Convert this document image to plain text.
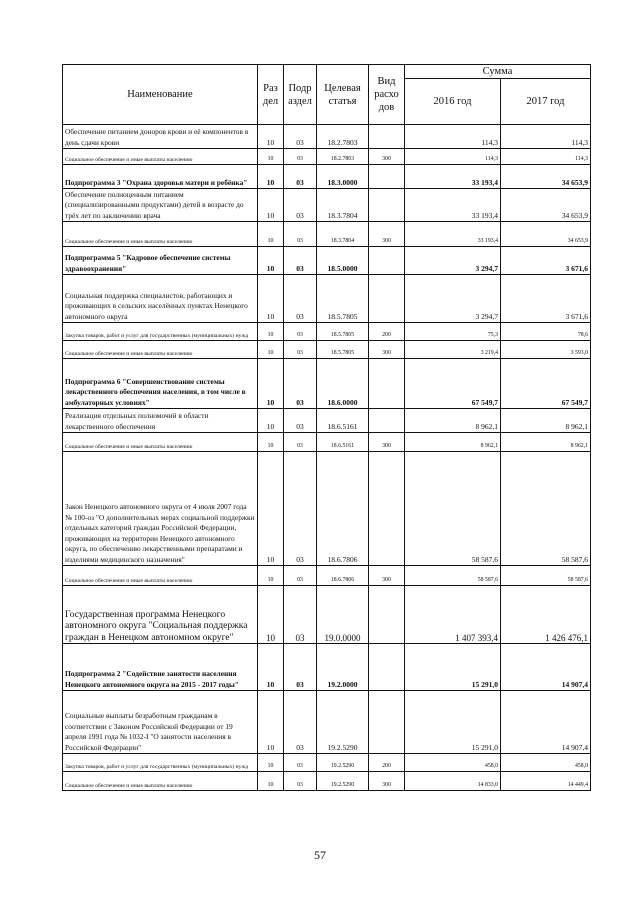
Наименование	Раз дел	Подр аздел	Целевая статья	Вид расхо дов	Сумма	
					2016 год	2017 год
Обеспечение питанием доноров крови и её компонентов в день сдачи крови	10	03	18.2.7803		114,3	114,3
Социальное обеспечение и иные выплаты населению	10	03	18.2.7803	300	114,3	114,3
Подпрограмма 3 "Охрана здоровья матери и ребёнка"	10	03	18.3.0000		33 193,4	34 653,9
Обеспечение полноценным питанием (специализированными продуктами) детей в возрасте до трёх лет по заключению врача	10	03	18.3.7804		33 193,4	34 653,9
Социальное обеспечение и иные выплаты населению	10	03	18.3.7804	300	33 193,4	34 653,9
Подпрограмма 5 "Кадровое обеспечение системы здравоохранения"	10	03	18.5.0000		3 294,7	3 671,6
Социальная поддержка специалистов, работающих и проживающих в сельских населённых пунктах Ненецкого автономного округа	10	03	18.5.7805		3 294,7	3 671,6
Закупка товаров, работ и услуг для государственных (муниципальных) нужд	10	03	18.5.7805	200	75,3	78,6
Социальное обеспечение и иные выплаты населению	10	03	18.5.7805	300	3 219,4	3 593,0
Подпрограмма 6 "Совершенствование системы лекарственного обеспечения населения, в том числе в амбулаторных условиях"	10	03	18.6.0000		67 549,7	67 549,7
Реализация отдельных полномочий в области лекарственного обеспечения	10	03	18.6.5161		8 962,1	8 962,1
Социальное обеспечение и иные выплаты населению	10	03	18.6.5161	300	8 962,1	8 962,1
Закон Ненецкого автономного округа от 4 июля 2007 года № 100-оз "О дополнительных мерах социальной поддержки отдельных категорий граждан Российской Федерации, проживающих на территории Ненецкого автономного округа, по обеспечению лекарственными препаратами и изделиями медицинского назначения"	10	03	18.6.7806		58 587,6	58 587,6
Социальное обеспечение и иные выплаты населению	10	03	18.6.7806	300	58 587,6	58 587,6
Государственная программа Ненецкого автономного округа "Социальная поддержка граждан в Ненецком автономном округе"	10	03	19.0.0000		1 407 393,4	1 426 476,1
Подпрограмма 2 "Содействие занятости населения Ненецкого автономного округа на 2015 - 2017 годы"	10	03	19.2.0000		15 291,0	14 907,4
Социальные выплаты безработным гражданам в соответствии с Законом Российской Федерации от 19 апреля 1991 года № 1032-I "О занятости населения в Российской Федерации"	10	03	19.2.5290		15 291,0	14 907,4
Закупка товаров, работ и услуг для государственных (муниципальных) нужд	10	03	19.2.5290	200	458,0	458,0
Социальное обеспечение и иные выплаты населению	10	03	19.2.5290	300	14 833,0	14 449,4
57
